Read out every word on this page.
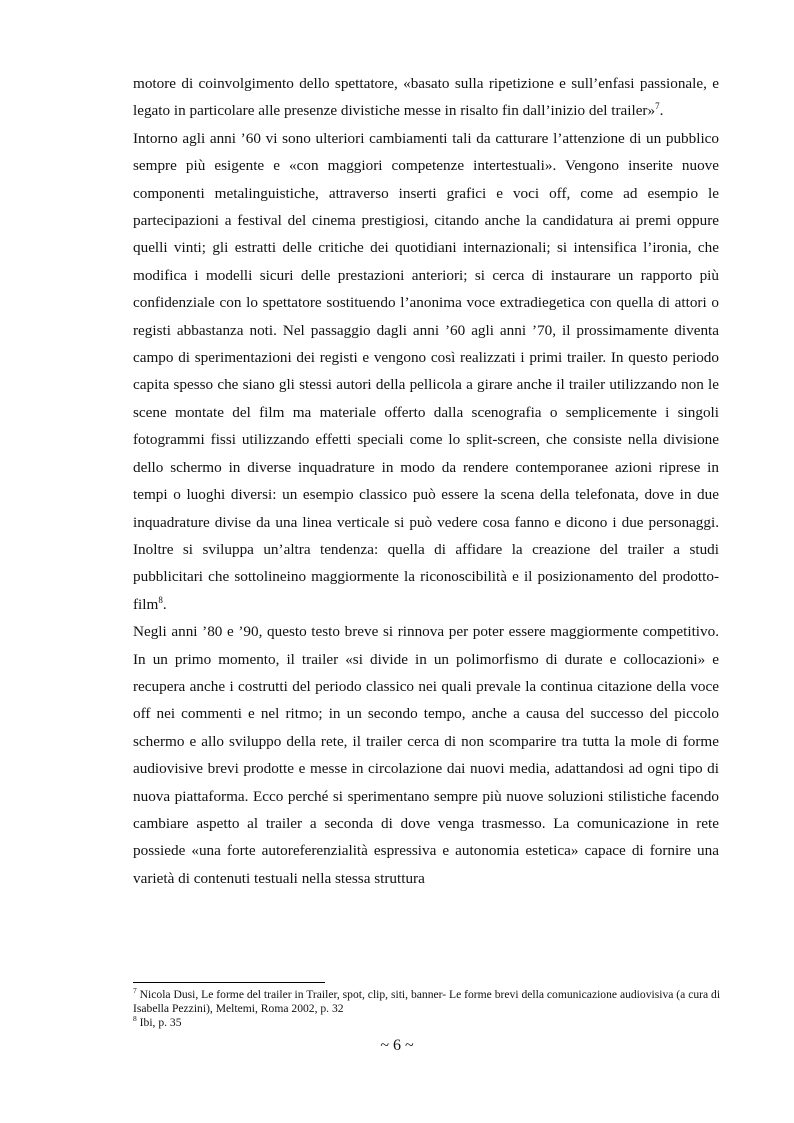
motore di coinvolgimento dello spettatore, «basato sulla ripetizione e sull’enfasi passionale, e legato in particolare alle presenze divistiche messe in risalto fin dall’inizio del trailer»$^7$.

Intorno agli anni ’60 vi sono ulteriori cambiamenti tali da catturare l’attenzione di un pubblico sempre più esigente e «con maggiori competenze intertestuali». Vengono inserite nuove componenti metalinguistiche, attraverso inserti grafici e voci off, come ad esempio le partecipazioni a festival del cinema prestigiosi, citando anche la candidatura ai premi oppure quelli vinti; gli estratti delle critiche dei quotidiani internazionali; si intensifica l’ironia, che modifica i modelli sicuri delle prestazioni anteriori; si cerca di instaurare un rapporto più confidenziale con lo spettatore sostituendo l’anonima voce extradiegetica con quella di attori o registi abbastanza noti. Nel passaggio dagli anni ’60 agli anni ’70, il prossimamente diventa campo di sperimentazioni dei registi e vengono così realizzati i primi trailer. In questo periodo capita spesso che siano gli stessi autori della pellicola a girare anche il trailer utilizzando non le scene montate del film ma materiale offerto dalla scenografia o semplicemente i singoli fotogrammi fissi utilizzando effetti speciali come lo split-screen, che consiste nella divisione dello schermo in diverse inquadrature in modo da rendere contemporanee azioni riprese in tempi o luoghi diversi: un esempio classico può essere la scena della telefonata, dove in due inquadrature divise da una linea verticale si può vedere cosa fanno e dicono i due personaggi. Inoltre si sviluppa un’altra tendenza: quella di affidare la creazione del trailer a studi pubblicitari che sottolineino maggiormente la riconoscibilità e il posizionamento del prodotto-film$^8$.

Negli anni ’80 e ’90, questo testo breve si rinnova per poter essere maggiormente competitivo. In un primo momento, il trailer «si divide in un polimorfismo di durate e collocazioni» e recupera anche i costrutti del periodo classico nei quali prevale la continua citazione della voce off nei commenti e nel ritmo; in un secondo tempo, anche a causa del successo del piccolo schermo e allo sviluppo della rete, il trailer cerca di non scomparire tra tutta la mole di forme audiovisive brevi prodotte e messe in circolazione dai nuovi media, adattandosi ad ogni tipo di nuova piattaforma. Ecco perché si sperimentano sempre più nuove soluzioni stilistiche facendo cambiare aspetto al trailer a seconda di dove venga trasmesso. La comunicazione in rete possiede «una forte autoreferenzialità espressiva e autonomia estetica» capace di fornire una varietà di contenuti testuali nella stessa struttura

$^7$ Nicola Dusi, Le forme del trailer in Trailer, spot, clip, siti, banner- Le forme brevi della comunicazione audiovisiva (a cura di Isabella Pezzini), Meltemi, Roma 2002, p. 32
$^8$ Ibi, p. 35
~ 6 ~
